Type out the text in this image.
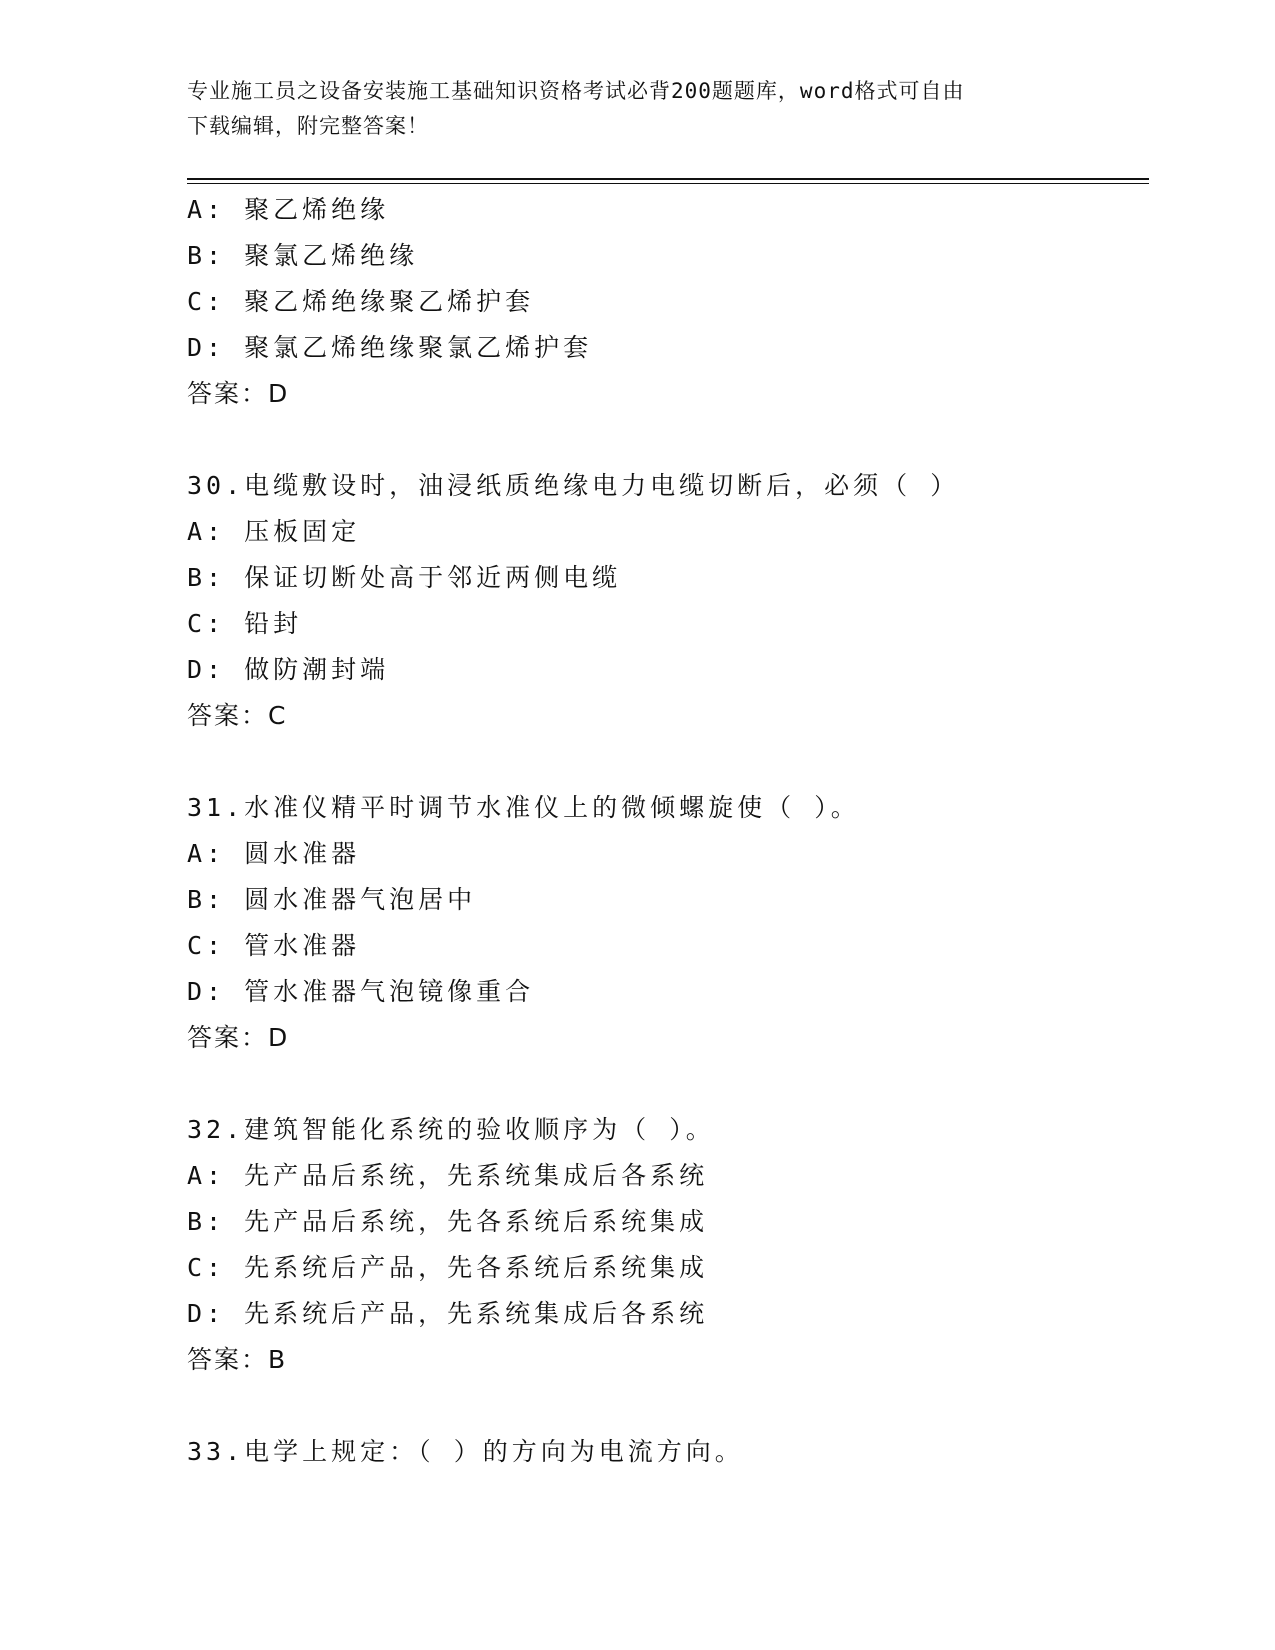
专业施工员之设备安装施工基础知识资格考试必背200题题库，word格式可自由
下载编辑，附完整答案！
A: 聚乙烯绝缘
B: 聚氯乙烯绝缘
C: 聚乙烯绝缘聚乙烯护套
D: 聚氯乙烯绝缘聚氯乙烯护套
答案：D
30.电缆敷设时，油浸纸质绝缘电力电缆切断后，必须（ ）
A: 压板固定
B: 保证切断处高于邻近两侧电缆
C: 铅封
D: 做防潮封端
答案：C
31.水准仪精平时调节水准仪上的微倾螺旋使（ ）。
A: 圆水准器
B: 圆水准器气泡居中
C: 管水准器
D: 管水准器气泡镜像重合
答案：D
32.建筑智能化系统的验收顺序为（ ）。
A: 先产品后系统，先系统集成后各系统
B: 先产品后系统，先各系统后系统集成
C: 先系统后产品，先各系统后系统集成
D: 先系统后产品，先系统集成后各系统
答案：B
33.电学上规定：（ ）的方向为电流方向。
